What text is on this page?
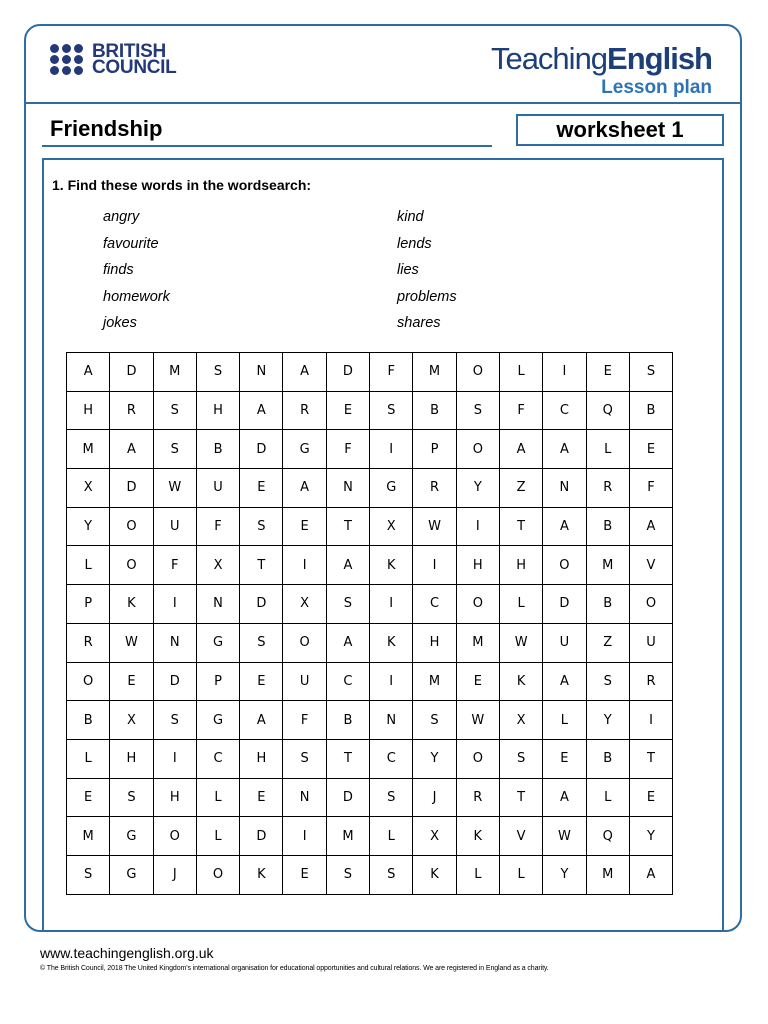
BRITISH
COUNCIL	TeachingEnglish
Lesson plan
Friendship	worksheet 1
1. Find these words in the wordsearch:
angry
favourite
finds
homework
jokes
kind
lends
lies
problems
shares
A	D	M	S	N	A	D	F	M	O	L	I	E	S
H	R	S	H	A	R	E	S	B	S	F	C	Q	B
M	A	S	B	D	G	F	I	P	O	A	A	L	E
X	D	W	U	E	A	N	G	R	Y	Z	N	R	F
Y	O	U	F	S	E	T	X	W	I	T	A	B	A
L	O	F	X	T	I	A	K	I	H	H	O	M	V
P	K	I	N	D	X	S	I	C	O	L	D	B	O
R	W	N	G	S	O	A	K	H	M	W	U	Z	U
O	E	D	P	E	U	C	I	M	E	K	A	S	R
B	X	S	G	A	F	B	N	S	W	X	L	Y	I
L	H	I	C	H	S	T	C	Y	O	S	E	B	T
E	S	H	L	E	N	D	S	J	R	T	A	L	E
M	G	O	L	D	I	M	L	X	K	V	W	Q	Y
S	G	J	O	K	E	S	S	K	L	L	Y	M	A
www.teachingenglish.org.uk
© The British Council, 2018 The United Kingdom's international organisation for educational opportunities and cultural relations. We are registered in England as a charity.
